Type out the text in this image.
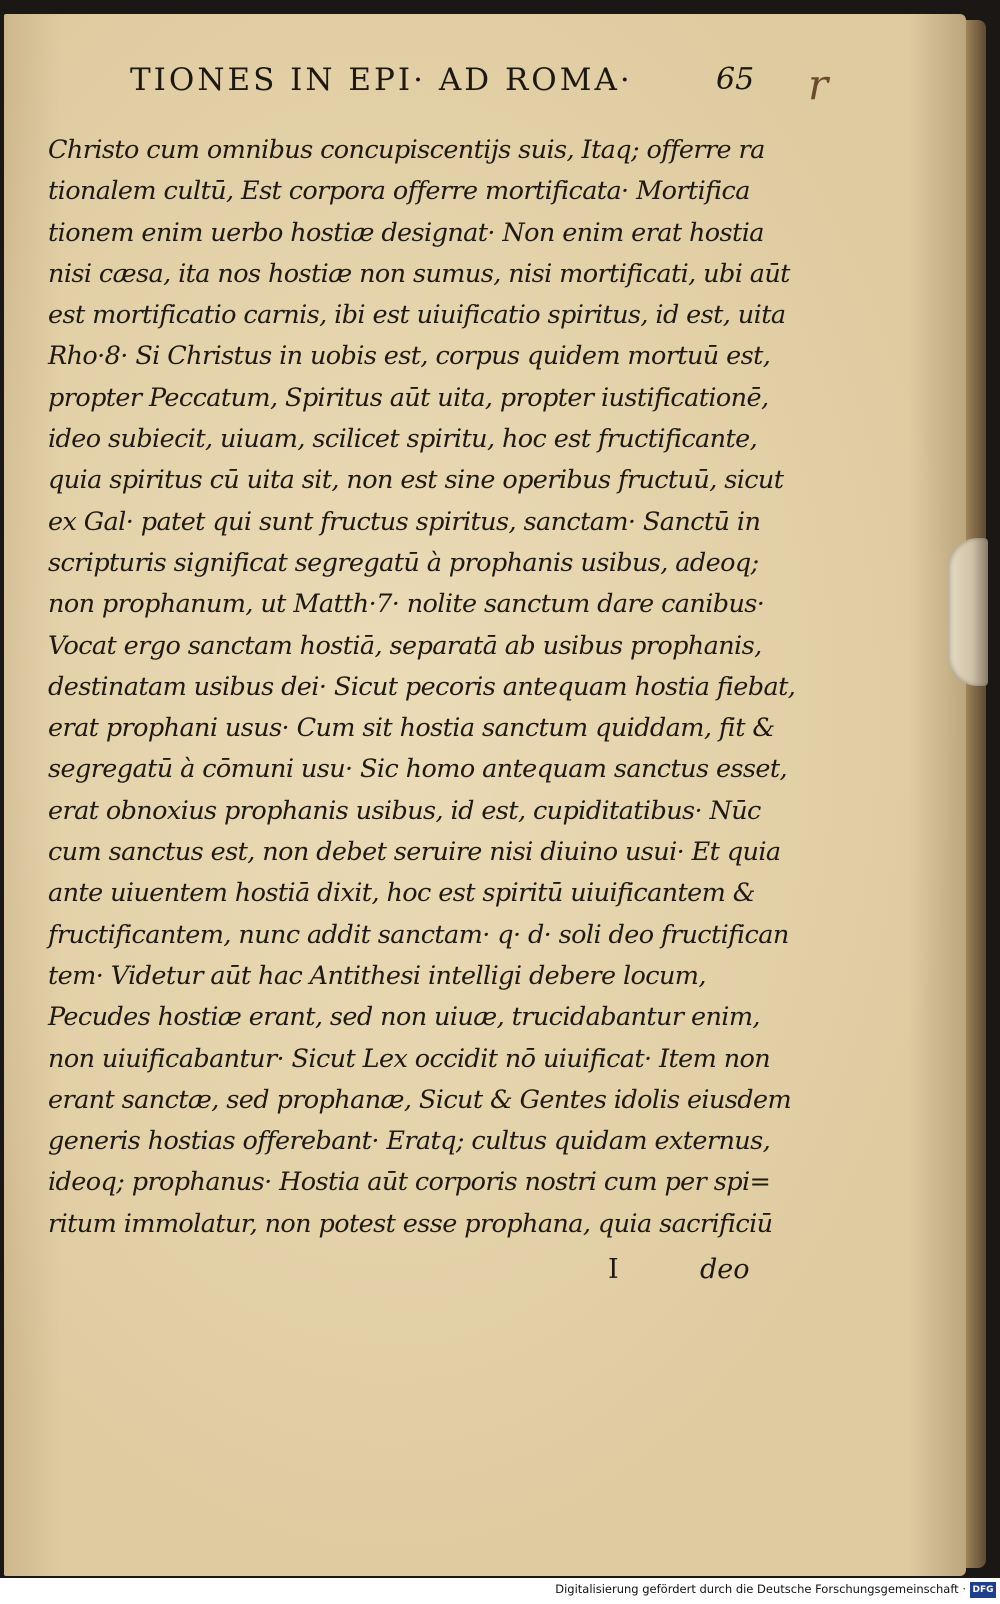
TIONES IN EPI· AD ROMA·	65 r
Christo cum omnibus concupiscentijs suis, Itaq; offerre ra
tionalem cultū, Est corpora offerre mortificata· Mortifica
tionem enim uerbo hostiæ designat· Non enim erat hostia
nisi cæsa, ita nos hostiæ non sumus, nisi mortificati, ubi aūt
est mortificatio carnis, ibi est uiuificatio spiritus, id est, uita
Rho·8· Si Christus in uobis est, corpus quidem mortuū est,
propter Peccatum, Spiritus aūt uita, propter iustificationē,
ideo subiecit, uiuam, scilicet spiritu, hoc est fructificante,
quia spiritus cū uita sit, non est sine operibus fructuū, sicut
ex Gal· patet qui sunt fructus spiritus, sanctam· Sanctū in
scripturis significat segregatū à prophanis usibus, adeoq;
non prophanum, ut Matth·7· nolite sanctum dare canibus·
Vocat ergo sanctam hostiā, separatā ab usibus prophanis,
destinatam usibus dei· Sicut pecoris antequam hostia fiebat,
erat prophani usus· Cum sit hostia sanctum quiddam, fit &
segregatū à cōmuni usu· Sic homo antequam sanctus esset,
erat obnoxius prophanis usibus, id est, cupiditatibus· Nūc
cum sanctus est, non debet seruire nisi diuino usui· Et quia
ante uiuentem hostiā dixit, hoc est spiritū uiuificantem &
fructificantem, nunc addit sanctam· q· d· soli deo fructifican
tem· Videtur aūt hac Antithesi intelligi debere locum,
Pecudes hostiæ erant, sed non uiuæ, trucidabantur enim,
non uiuificabantur· Sicut Lex occidit nō uiuificat· Item non
erant sanctæ, sed prophanæ, Sicut & Gentes idolis eiusdem
generis hostias offerebant· Eratq; cultus quidam externus,
ideoq; prophanus· Hostia aūt corporis nostri cum per spi=
ritum immolatur, non potest esse prophana, quia sacrificiū
I	deo
Digitalisierung gefördert durch die Deutsche Forschungsgemeinschaft · DFG
